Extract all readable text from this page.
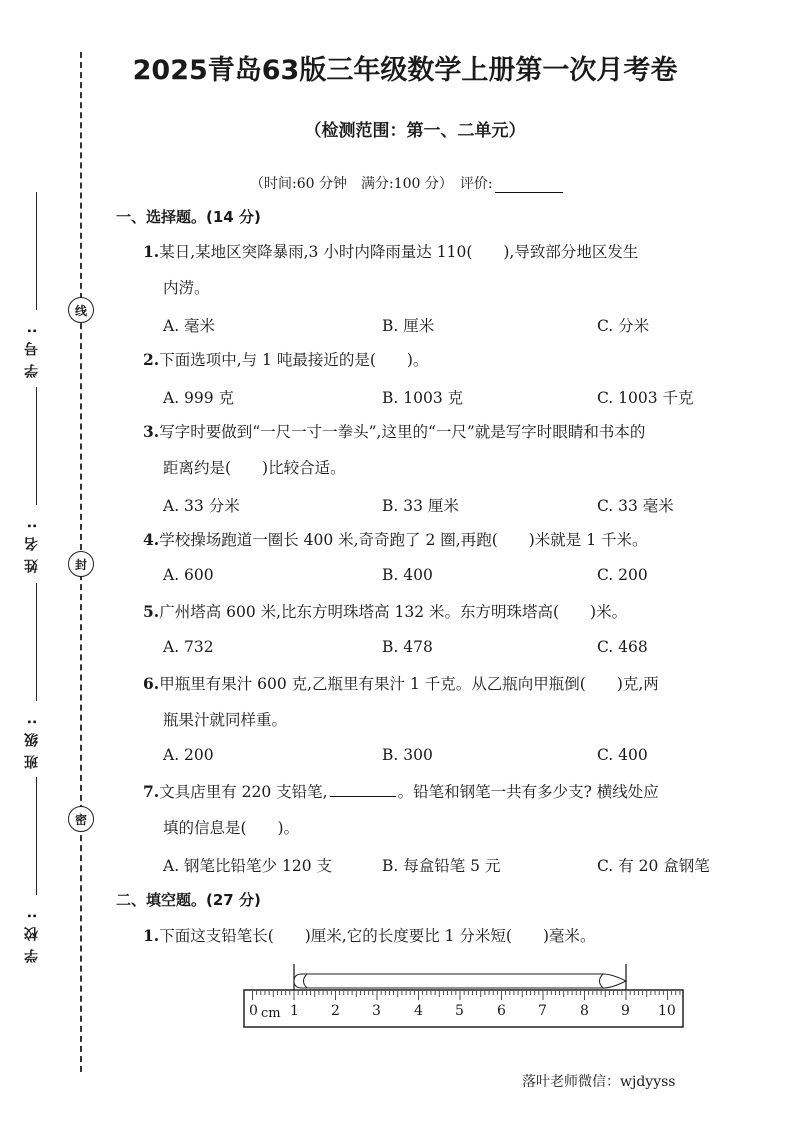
线
封
密
学号:
姓名:
班级:
学校:
2025青岛63版三年级数学上册第一次月考卷
（检测范围：第一、二单元）
（时间:60 分钟　满分:100 分）　评价:
一、选择题。(14 分)
1.某日,某地区突降暴雨,3 小时内降雨量达 110(　　),导致部分地区发生
内涝。
A. 毫米	B. 厘米	C. 分米
2.下面选项中,与 1 吨最接近的是(　　)。
A. 999 克	B. 1003 克	C. 1003 千克
3.写字时要做到“一尺一寸一拳头”,这里的“一尺”就是写字时眼睛和书本的
距离约是(　　)比较合适。
A. 33 分米	B. 33 厘米	C. 33 毫米
4.学校操场跑道一圈长 400 米,奇奇跑了 2 圈,再跑(　　)米就是 1 千米。
A. 600	B. 400	C. 200
5.广州塔高 600 米,比东方明珠塔高 132 米。东方明珠塔高(　　)米。
A. 732	B. 478	C. 468
6.甲瓶里有果汁 600 克,乙瓶里有果汁 1 千克。从乙瓶向甲瓶倒(　　)克,两
瓶果汁就同样重。
A. 200	B. 300	C. 400
7.文具店里有 220 支铅笔,	。铅笔和钢笔一共有多少支? 横线处应
填的信息是(　　)。
A. 钢笔比铅笔少 120 支	B. 每盒铅笔 5 元	C. 有 20 盒钢笔
二、填空题。(27 分)
1.下面这支铅笔长(　　)厘米,它的长度要比 1 分米短(　　)毫米。
0 cm 1 2 3 4 5 6 7 8 9 10
落叶老师微信：wjdyyss
